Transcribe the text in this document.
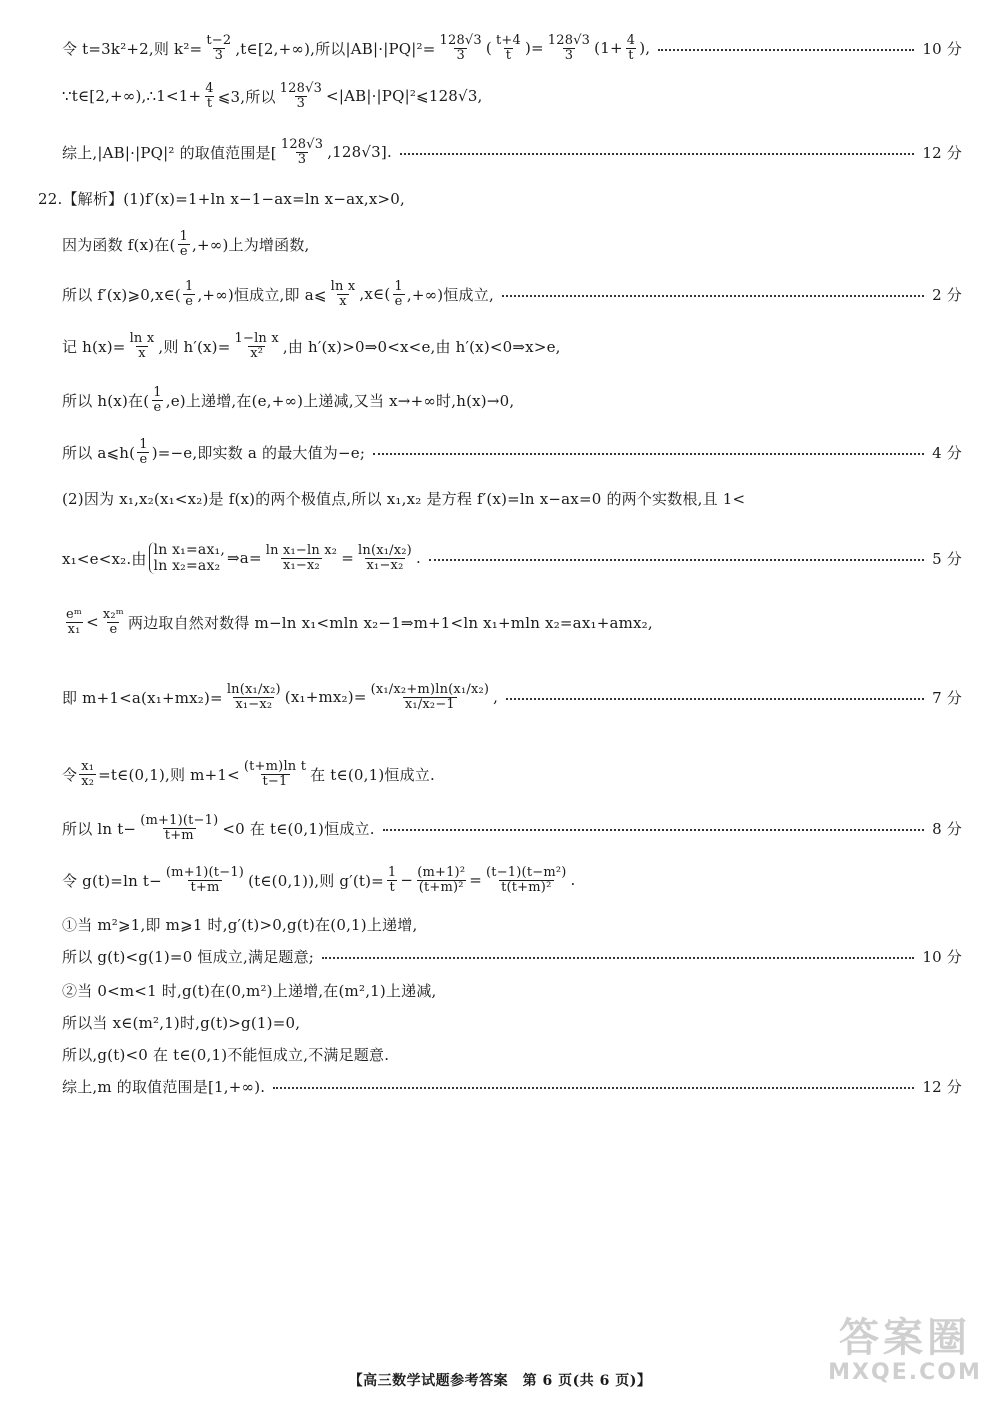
令 t=3k²+2,则 $k^2= \frac{t-2}{3}$ ,t∈[2,+∞),所以$|AB|\cdot|PQ|^2= \frac{128√3}{3}$ ( $\frac{t+4}{t}$ )= $\frac{128√3}{3} (1+ \frac{4}{t}$ ),	10 分
∵t∈[2,+∞),∴1<1+ $\frac{4}{t}$ ⩽3,所以 $\frac{128√3}{3}$ <|AB|·|PQ|²⩽128√3,
综上,|AB|·|PQ|² 的取值范围是[ $\frac{128√3}{3} ,128√3$].	12 分
22.【解析】(1)f′(x)=1+ln x−1−ax=ln x−ax,x>0,
因为函数 f(x)在( $\frac{1}{e}$ ,+∞)上为增函数,
所以 f′(x)⩾0,x∈( $\frac{1}{e}$ ,+∞)恒成立,即 a⩽ $\frac{\text{ln x}}{x}$ ,x∈( $\frac{1}{e}$ ,+∞)恒成立,	2 分
记 $h(x)= \frac{\text{ln x}}{x}$ ,则 $h'(x)= \frac{\text{1−ln x}}{\text{x²}}$ ,由 h′(x)>0⇒0<x<e,由 h′(x)<0⇒x>e,
所以 h(x)在( $\frac{1}{e} ,e$)上递增,在(e,+∞)上递减,又当 x→+∞时,h(x)→0,
所以 a⩽h( $\frac{1}{e} )=-e$,即实数 a 的最大值为−e;	4 分
(2)因为 x₁,x₂(x₁<x₂)是 f(x)的两个极值点,所以 x₁,x₂ 是方程 f′(x)=ln x−ax=0 的两个实数根,且 1<
x₁<e<x₂.由 ln x₁=ax₁,
ln x₂=ax₂ ⇒a= $\frac{\text{ln x₁−ln x₂}}{\text{x₁−x₂}} = \frac{\text{ln(x₁/x₂)}}{\text{x₁−x₂}}$ .	5 分
$\frac{\text{eᵐ}}{\text{x₁}} < \frac{\text{x₂ᵐ}}{e}$ 两边取自然对数得 m−ln x₁<mln x₂−1⇒m+1<ln x₁+mln x₂=ax₁+amx₂,
即 $m+1<a(x_1+mx_2)= \frac{\text{ln(x₁/x₂)}}{\text{x₁−x₂}} (x_1+mx_2)= \frac{\text{(x₁/x₂+m)ln(x₁/x₂)}}{\text{x₁/x₂−1}}$ ,	7 分
令 $\frac{\text{x₁}}{\text{x₂}}$ =t∈(0,1),则 $m+1< \frac{\text{(t+m)ln t}}{t-1}$ 在 t∈(0,1)恒成立.
所以 $\ln t- \frac{(m+1)(t-1)}{t+m} <0$ 在 t∈(0,1)恒成立.	8 分
令 g(t)=ln $t- \frac{(m+1)(t-1)}{t+m}$ (t∈(0,1)),则 $g'(t)= \frac{1}{t} - \frac{\text{(m+1)²}}{\text{(t+m)²}} = \frac{\text{(t−1)(t−m²)}}{\text{t(t+m)²}}$ .
①当 m²⩾1,即 m⩾1 时,g′(t)>0,g(t)在(0,1)上递增,
所以 g(t)<g(1)=0 恒成立,满足题意;	10 分
②当 0<m<1 时,g(t)在(0,m²)上递增,在(m²,1)上递减,
所以当 x∈(m²,1)时,g(t)>g(1)=0,
所以,g(t)<0 在 t∈(0,1)不能恒成立,不满足题意.
综上,m 的取值范围是[1,+∞).	12 分
【高三数学试题参考答案　第 6 页(共 6 页)】
答案圈
MXQE.COM
